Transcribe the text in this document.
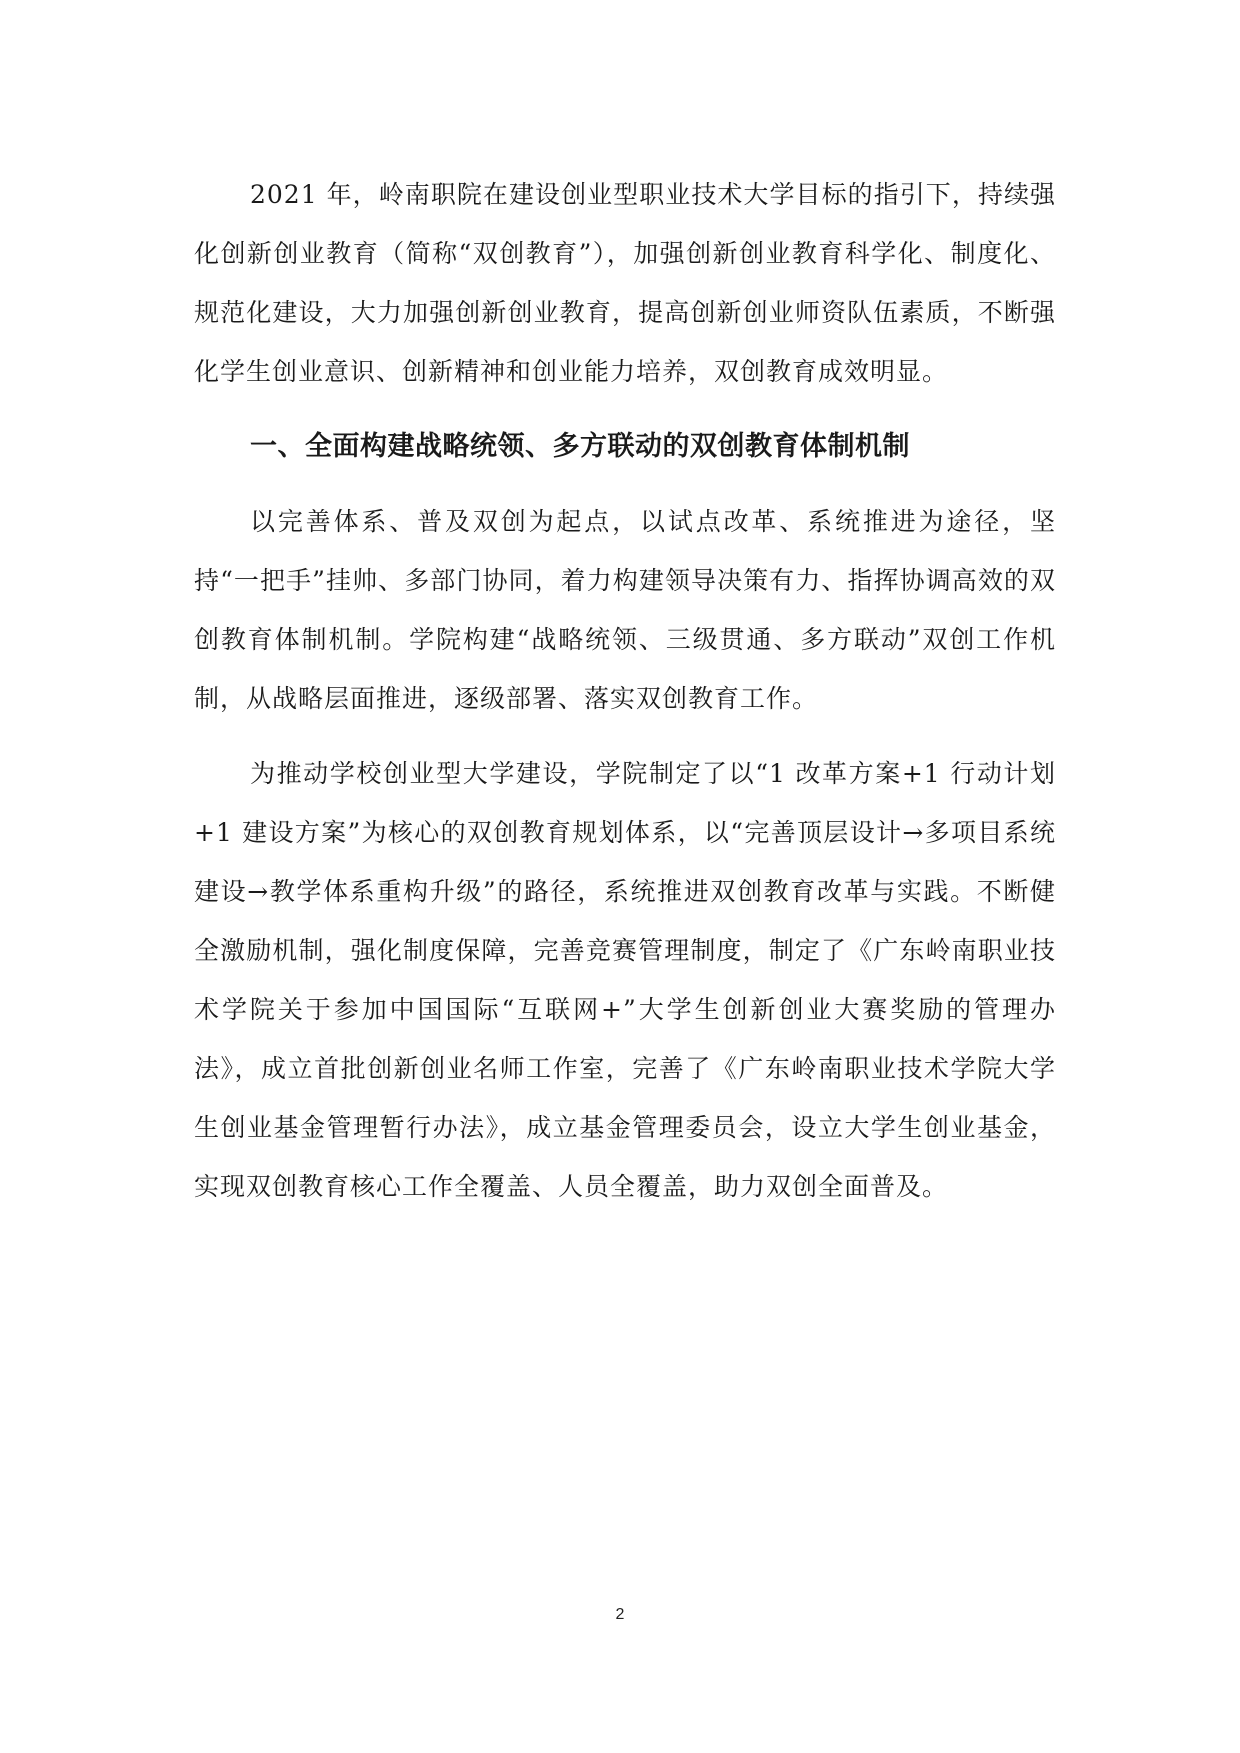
2021 年，岭南职院在建设创业型职业技术大学目标的指引下，持续强化创新创业教育（简称“双创教育”），加强创新创业教育科学化、制度化、规范化建设，大力加强创新创业教育，提高创新创业师资队伍素质，不断强化学生创业意识、创新精神和创业能力培养，双创教育成效明显。

一、全面构建战略统领、多方联动的双创教育体制机制

以完善体系、普及双创为起点，以试点改革、系统推进为途径，坚持“一把手”挂帅、多部门协同，着力构建领导决策有力、指挥协调高效的双创教育体制机制。学院构建“战略统领、三级贯通、多方联动”双创工作机制，从战略层面推进，逐级部署、落实双创教育工作。

为推动学校创业型大学建设，学院制定了以“1 改革方案+1 行动计划+1 建设方案”为核心的双创教育规划体系，以“完善顶层设计→多项目系统建设→教学体系重构升级”的路径，系统推进双创教育改革与实践。不断健全激励机制，强化制度保障，完善竞赛管理制度，制定了《广东岭南职业技术学院关于参加中国国际“互联网+”大学生创新创业大赛奖励的管理办法》，成立首批创新创业名师工作室，完善了《广东岭南职业技术学院大学生创业基金管理暂行办法》，成立基金管理委员会，设立大学生创业基金，实现双创教育核心工作全覆盖、人员全覆盖，助力双创全面普及。

2
